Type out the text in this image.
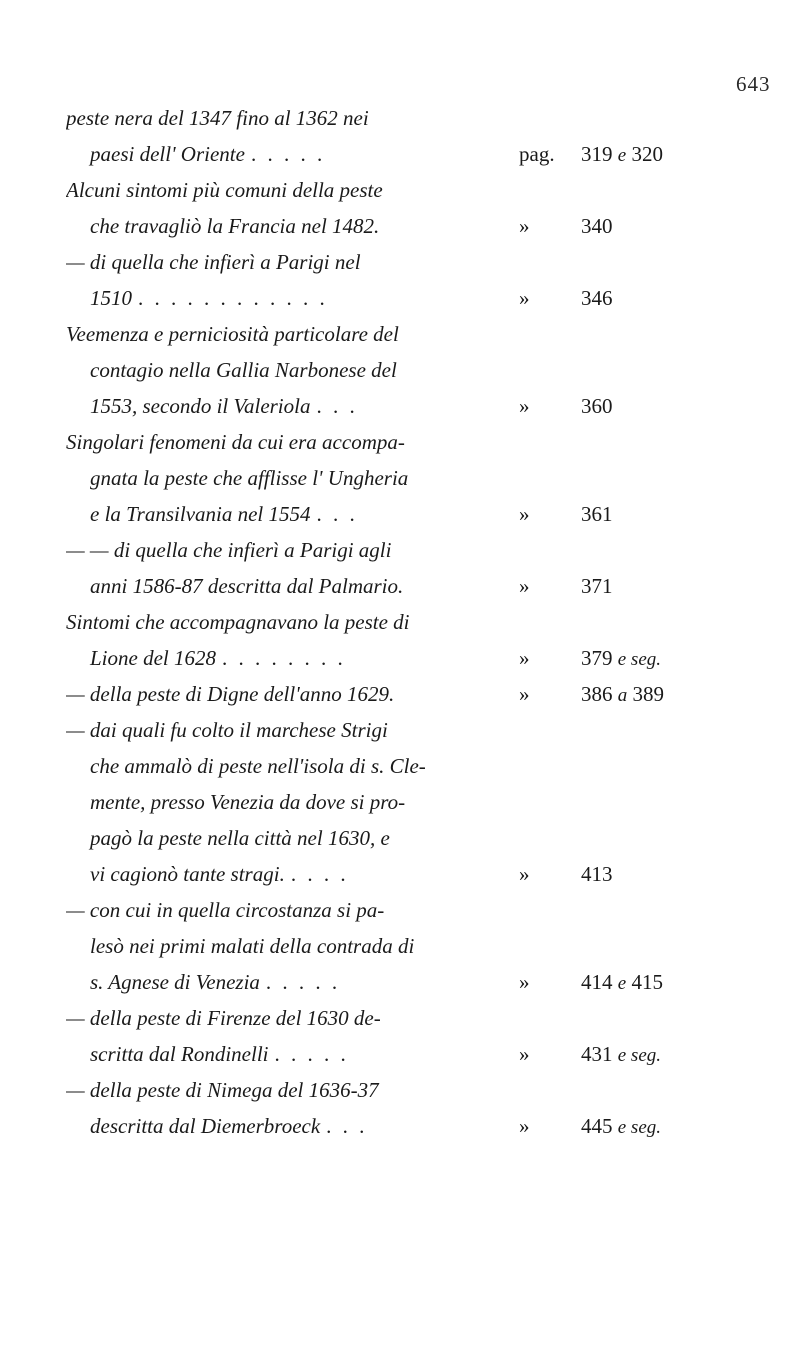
643
peste nera del 1347 fino al 1362 nei
paesi dell' Oriente . . . . .	pag.	319 e 320
Alcuni sintomi più comuni della peste
che travagliò la Francia nel 1482.	»	340
— di quella che infierì a Parigi nel
1510 . . . . . . . . . . . .	»	346
Veemenza e perniciosità particolare del
contagio nella Gallia Narbonese del
1553, secondo il Valeriola . . .	»	360
Singolari fenomeni da cui era accompa-
gnata la peste che afflisse l' Ungheria
e la Transilvania nel 1554 . . .	»	361
— — di quella che infierì a Parigi agli
anni 1586-87 descritta dal Palmario.	»	371
Sintomi che accompagnavano la peste di
Lione del 1628 . . . . . . . .	»	379 e seg.
— della peste di Digne dell'anno 1629.	»	386 a 389
— dai quali fu colto il marchese Strigi
che ammalò di peste nell'isola di s. Cle-
mente, presso Venezia da dove si pro-
pagò la peste nella città nel 1630, e
vi cagionò tante stragi. . . . .	»	413
— con cui in quella circostanza si pa-
lesò nei primi malati della contrada di
s. Agnese di Venezia . . . . .	»	414 e 415
— della peste di Firenze del 1630 de-
scritta dal Rondinelli . . . . .	»	431 e seg.
— della peste di Nimega del 1636-37
descritta dal Diemerbroeck . . .	»	445 e seg.
